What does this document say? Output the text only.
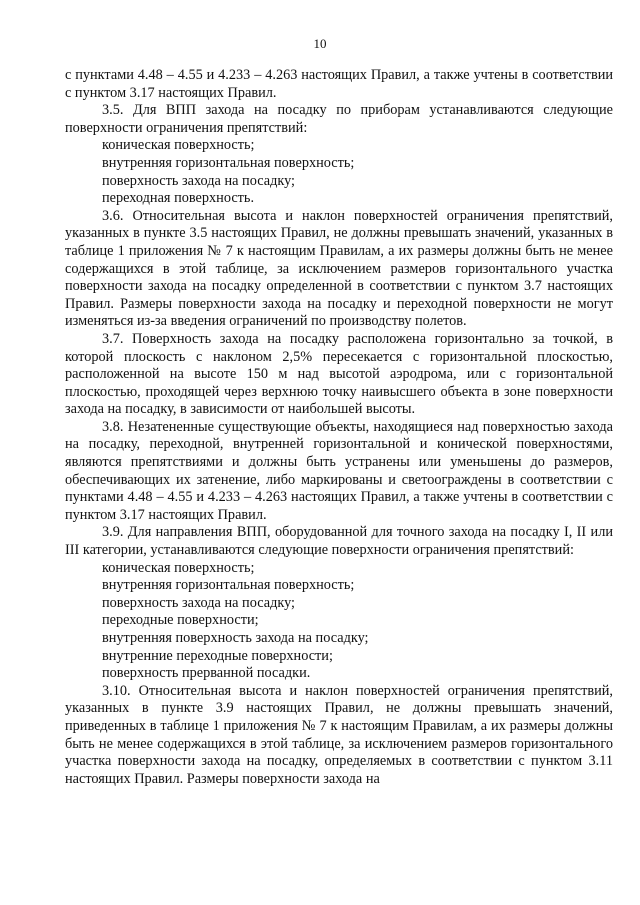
10

с пунктами 4.48 – 4.55 и 4.233 – 4.263 настоящих Правил, а также учтены в соответствии с пунктом 3.17 настоящих Правил.

3.5. Для ВПП захода на посадку по приборам устанавливаются следующие поверхности ограничения препятствий:

коническая поверхность;

внутренняя горизонтальная поверхность;

поверхность захода на посадку;

переходная поверхность.

3.6. Относительная высота и наклон поверхностей ограничения препятствий, указанных в пункте 3.5 настоящих Правил, не должны превышать значений, указанных в таблице 1 приложения № 7 к настоящим Правилам, а их размеры должны быть не менее содержащихся в этой таблице, за исключением размеров горизонтального участка поверхности захода на посадку определенной в соответствии с пунктом 3.7 настоящих Правил. Размеры поверхности захода на посадку и переходной поверхности не могут изменяться из-за введения ограничений по производству полетов.

3.7. Поверхность захода на посадку расположена горизонтально за точкой, в которой плоскость с наклоном 2,5% пересекается с горизонтальной плоскостью, расположенной на высоте 150 м над высотой аэродрома, или с горизонтальной плоскостью, проходящей через верхнюю точку наивысшего объекта в зоне поверхности захода на посадку, в зависимости от наибольшей высоты.

3.8. Незатененные существующие объекты, находящиеся над поверхностью захода на посадку, переходной, внутренней горизонтальной и конической поверхностями, являются препятствиями и должны быть устранены или уменьшены до размеров, обеспечивающих их затенение, либо маркированы и светоограждены в соответствии с пунктами 4.48 – 4.55 и 4.233 – 4.263 настоящих Правил, а также учтены в соответствии с пунктом 3.17 настоящих Правил.

3.9. Для направления ВПП, оборудованной для точного захода на посадку I, II или III категории, устанавливаются следующие поверхности ограничения препятствий:

коническая поверхность;

внутренняя горизонтальная поверхность;

поверхность захода на посадку;

переходные поверхности;

внутренняя поверхность захода на посадку;

внутренние переходные поверхности;

поверхность прерванной посадки.

3.10. Относительная высота и наклон поверхностей ограничения препятствий, указанных в пункте 3.9 настоящих Правил, не должны превышать значений, приведенных в таблице 1 приложения № 7 к настоящим Правилам, а их размеры должны быть не менее содержащихся в этой таблице, за исключением размеров горизонтального участка поверхности захода на посадку, определяемых в соответствии с пунктом 3.11 настоящих Правил. Размеры поверхности захода на
